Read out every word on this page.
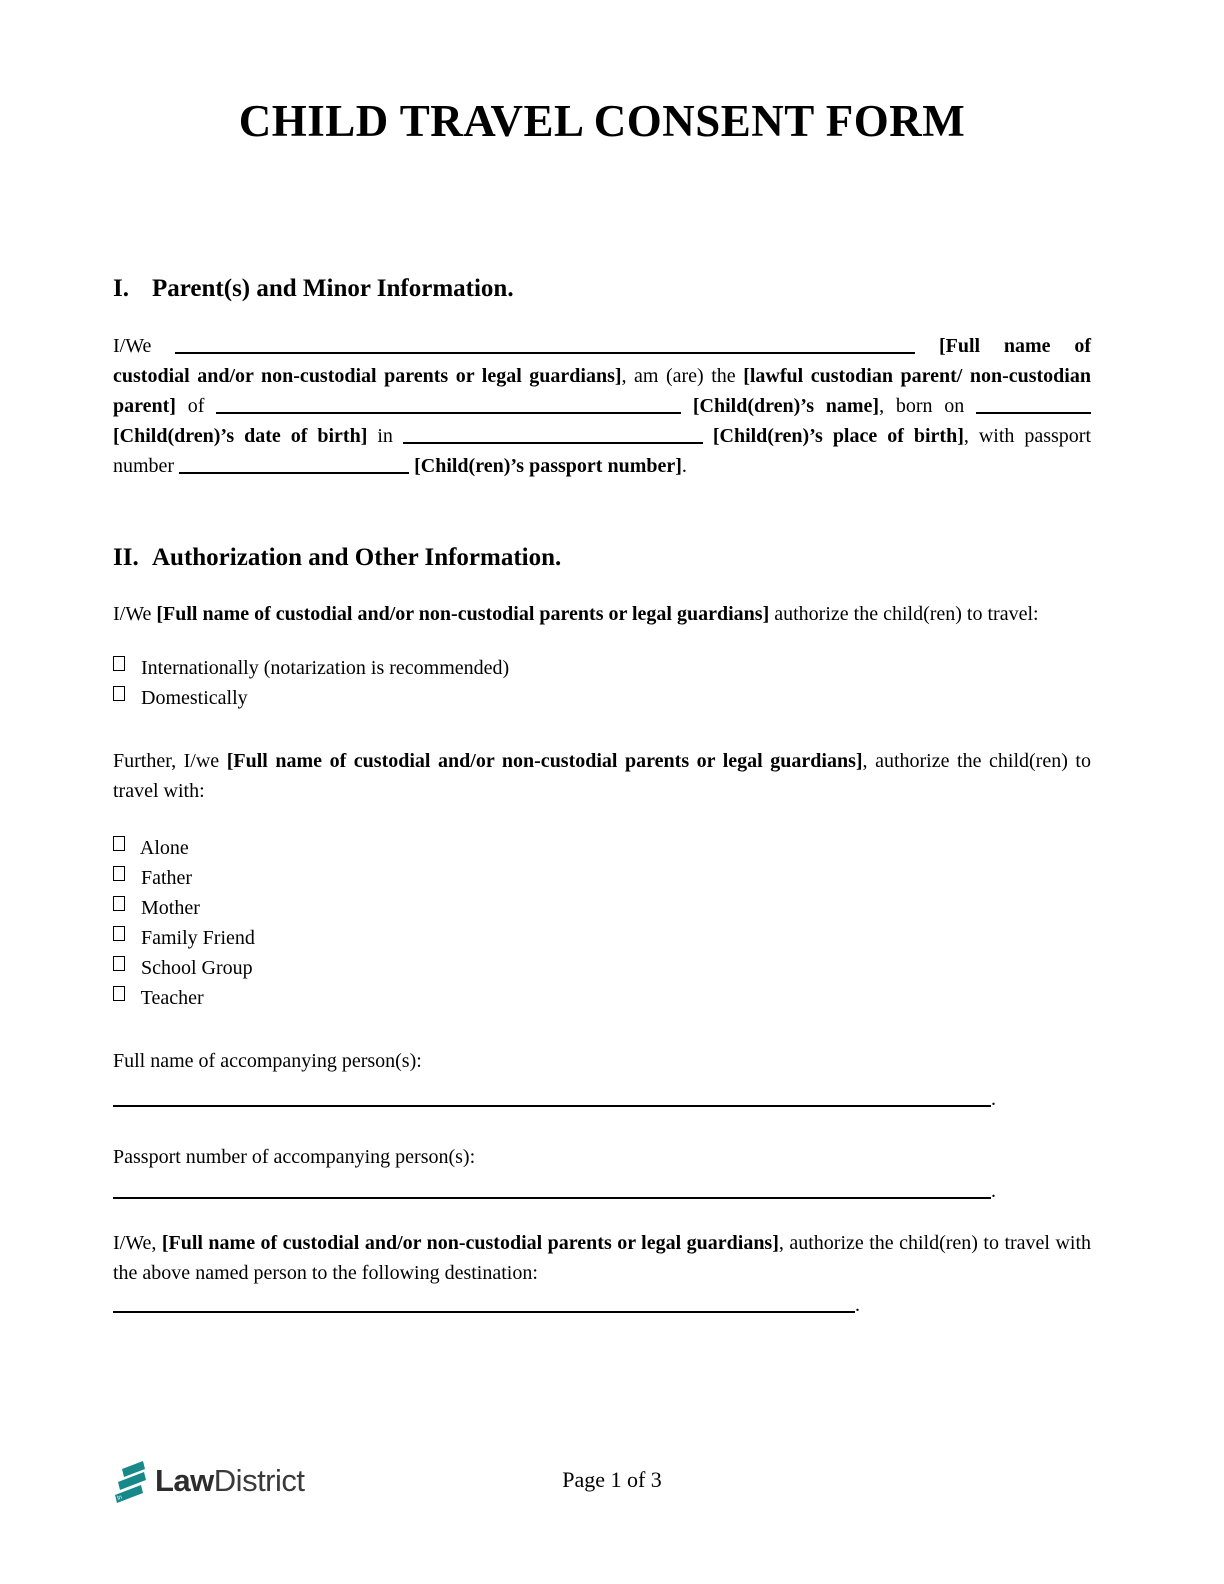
CHILD TRAVEL CONSENT FORM
I. Parent(s) and Minor Information.

I/We	[Full name of custodial and/or non-custodial parents or legal guardians], am (are) the [lawful custodian parent/ non-custodian parent] of	[Child(dren)’s name], born on  [Child(dren)’s date of birth] in	[Child(ren)’s place of birth], with passport number	[Child(ren)’s passport number].

II. Authorization and Other Information.

I/We [Full name of custodial and/or non-custodial parents or legal guardians] authorize the child(ren) to travel:

Internationally (notarization is recommended)
Domestically

Further, I/we [Full name of custodial and/or non-custodial parents or legal guardians], authorize the child(ren) to travel with:

Alone
Father
Mother
Family Friend
School Group
Teacher

Full name of accompanying person(s):

.

Passport number of accompanying person(s):

.

I/We, [Full name of custodial and/or non-custodial parents or legal guardians], authorize the child(ren) to travel with the above named person to the following destination:

.
ln
LawDistrict	Page 1 of 3
